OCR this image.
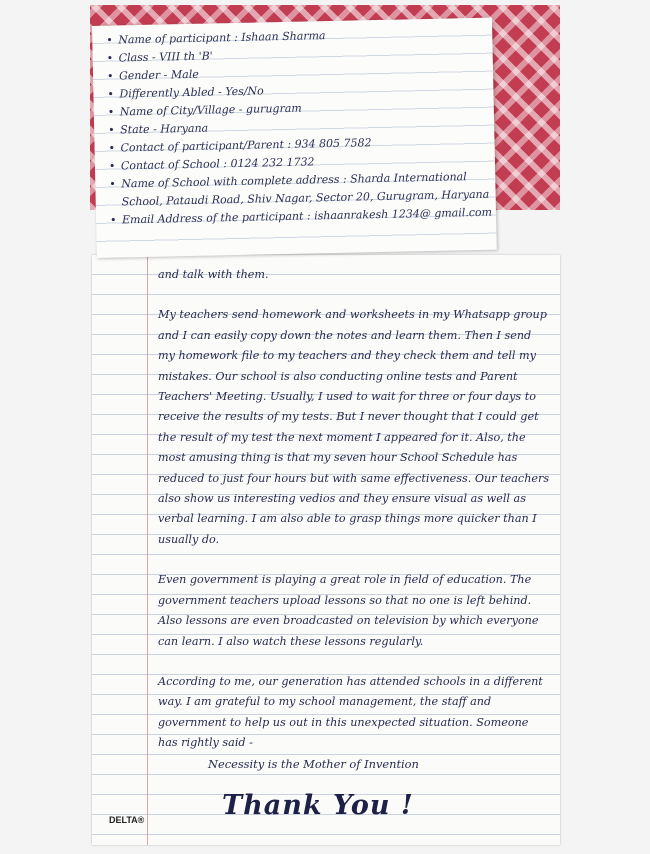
and talk with them.

My teachers send homework and worksheets in my Whatsapp group and I can easily copy down the notes and learn them. Then I send my homework file to my teachers and they check them and tell my mistakes. Our school is also conducting online tests and Parent Teachers' Meeting. Usually, I used to wait for three or four days to receive the results of my tests. But I never thought that I could get the result of my test the next moment I appeared for it. Also, the most amusing thing is that my seven hour School Schedule has reduced to just four hours but with same effectiveness. Our teachers also show us interesting vedios and they ensure visual as well as verbal learning. I am also able to grasp things more quicker than I usually do.

Even government is playing a great role in field of education. The government teachers upload lessons so that no one is left behind. Also lessons are even broadcasted on television by which everyone can learn. I also watch these lessons regularly.

According to me, our generation has attended schools in a different way. I am grateful to my school management, the staff and government to help us out in this unexpected situation. Someone has rightly said -

Necessity is the Mother of Invention
Thank You !
DELTA®
• Name of participant : Ishaan Sharma
• Class - VIII th 'B'
• Gender - Male
• Differently Abled - Yes/No
• Name of City/Village - gurugram
• State - Haryana
• Contact of participant/Parent : 934 805 7582
• Contact of School : 0124 232 1732
• Name of School with complete address : Sharda International School, Pataudi Road, Shiv Nagar, Sector 20, Gurugram, Haryana
• Email Address of the participant : ishaanrakesh 1234@ gmail.com
